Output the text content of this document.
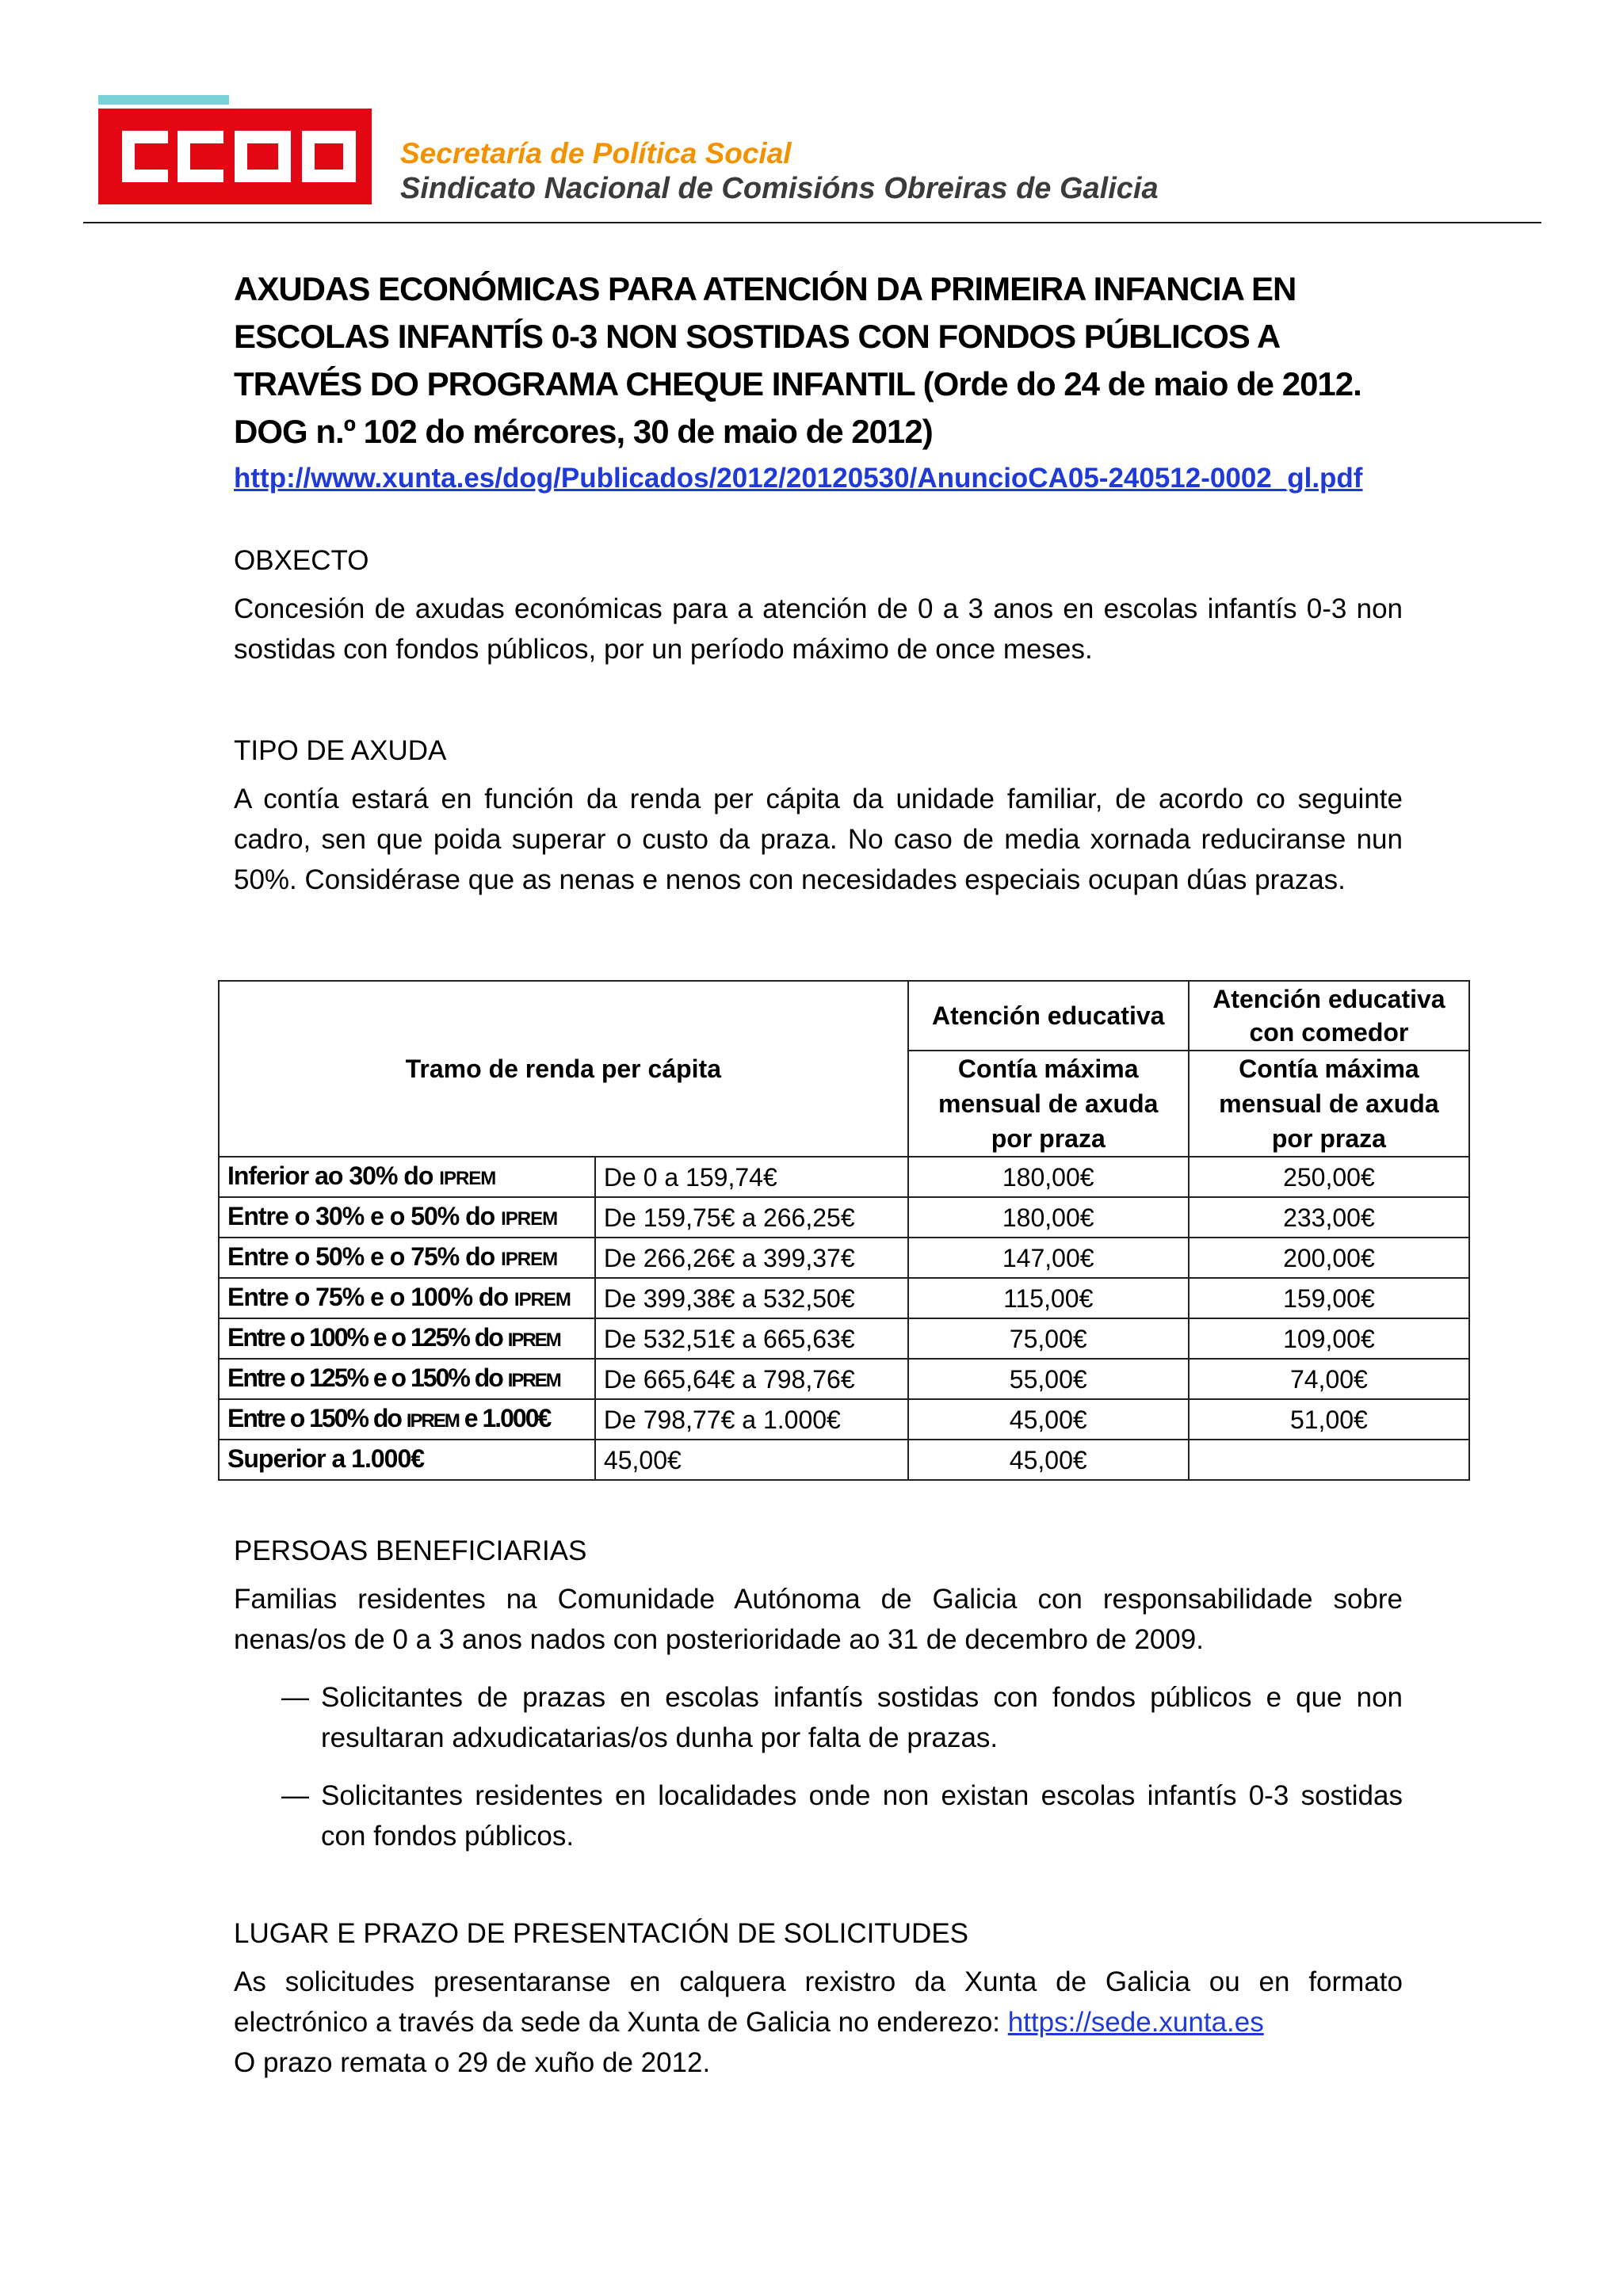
Secretaría de Política Social
Sindicato Nacional de Comisións Obreiras de Galicia
AXUDAS ECONÓMICAS PARA ATENCIÓN DA PRIMEIRA INFANCIA EN ESCOLAS INFANTÍS 0-3 NON SOSTIDAS CON FONDOS PÚBLICOS A TRAVÉS DO PROGRAMA CHEQUE INFANTIL (Orde do 24 de maio de 2012. DOG n.º 102 do mércores, 30 de maio de 2012)
http://www.xunta.es/dog/Publicados/2012/20120530/AnuncioCA05-240512-0002_gl.pdf

OBXECTO

Concesión de axudas económicas para a atención de 0 a 3 anos en escolas infantís 0-3 non sostidas con fondos públicos, por un período máximo de once meses.

TIPO DE AXUDA

A contía estará en función da renda per cápita da unidade familiar, de acordo co seguinte cadro, sen que poida superar o custo da praza. No caso de media xornada reduciranse nun 50%. Considérase que as nenas e nenos con necesidades especiais ocupan dúas prazas.

Tramo de renda per cápita		Atención educativa	Atención educativa con comedor
		Contía máxima mensual de axuda por praza	Contía máxima mensual de axuda por praza
Inferior ao 30% do IPREM	De 0 a 159,74€	180,00€	250,00€
Entre o 30% e o 50% do IPREM	De 159,75€ a 266,25€	180,00€	233,00€
Entre o 50% e o 75% do IPREM	De 266,26€ a 399,37€	147,00€	200,00€
Entre o 75% e o 100% do IPREM	De 399,38€ a 532,50€	115,00€	159,00€
Entre o 100% e o 125% do IPREM	De 532,51€ a 665,63€	75,00€	109,00€
Entre o 125% e o 150% do IPREM	De 665,64€ a 798,76€	55,00€	74,00€
Entre o 150% do IPREM e 1.000€	De 798,77€ a 1.000€	45,00€	51,00€
Superior a 1.000€	45,00€	45,00€	

PERSOAS BENEFICIARIAS

Familias residentes na Comunidade Autónoma de Galicia con responsabilidade sobre nenas/os de 0 a 3 anos nados con posterioridade ao 31 de decembro de 2009.

— Solicitantes de prazas en escolas infantís sostidas con fondos públicos e que non resultaran adxudicatarias/os dunha por falta de prazas.
— Solicitantes residentes en localidades onde non existan escolas infantís 0-3 sostidas con fondos públicos.

LUGAR E PRAZO DE PRESENTACIÓN DE SOLICITUDES

As solicitudes presentaranse en calquera rexistro da Xunta de Galicia ou en formato electrónico a través da sede da Xunta de Galicia no enderezo: https://sede.xunta.es

O prazo remata o 29 de xuño de 2012.
